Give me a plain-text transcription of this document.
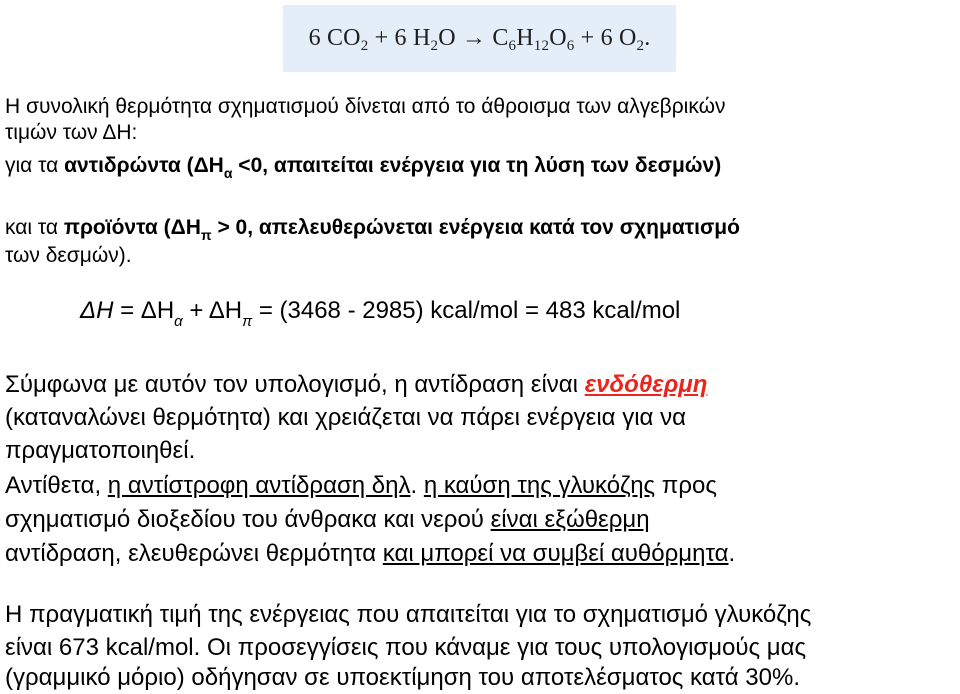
6 $CO_2 + 6$ $H_2O \to C_6H_{12}O_6 + 6$ $O_2$.

Η συνολική θερμότητα σχηματισμού δίνεται από το άθροισμα των αλγεβρικών

τιμών των ΔΗ:

για τα αντιδρώντα ($\Delta H_\alpha <0$, απαιτείται ενέργεια για τη λύση των δεσμών)

και τα προϊόντα ($\Delta H_\pi > 0$, απελευθερώνεται ενέργεια κατά τον σχηματισμό

των δεσμών).

$\Delta H = \Delta H_\alpha + \Delta H_\pi = (3468 - 2985)$ kcal/mol = 483 kcal/mol

Σύμφωνα με αυτόν τον υπολογισμό, η αντίδραση είναι ενδόθερμη

(καταναλώνει θερμότητα) και χρειάζεται να πάρει ενέργεια για να

πραγματοποιηθεί.

Αντίθετα, η αντίστροφη αντίδραση δηλ. η καύση της γλυκόζης προς

σχηματισμό διοξεδίου του άνθρακα και νερού είναι εξώθερμη

αντίδραση, ελευθερώνει θερμότητα και μπορεί να συμβεί αυθόρμητα.

Η πραγματική τιμή της ενέργειας που απαιτείται για το σχηματισμό γλυκόζης

είναι 673 kcal/mol. Οι προσεγγίσεις που κάναμε για τους υπολογισμούς μας

(γραμμικό μόριο) οδήγησαν σε υποεκτίμηση του αποτελέσματος κατά 30%.
